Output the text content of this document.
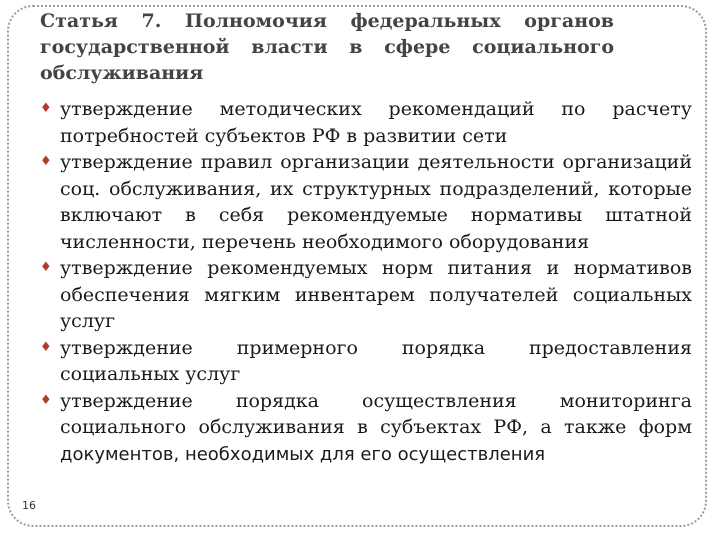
Статья 7. Полномочия федеральных органов государственной власти в сфере социального обслуживания
♦ утверждение методических рекомендаций по расчету потребностей субъектов РФ в развитии сети
♦ утверждение правил организации деятельности организаций соц. обслуживания, их структурных подразделений, которые включают в себя рекомендуемые нормативы штатной численности, перечень необходимого оборудования
♦ утверждение рекомендуемых норм питания и нормативов обеспечения мягким инвентарем получателей социальных услуг
♦ утверждение примерного порядка предоставления социальных услуг
♦ утверждение порядка осуществления мониторинга социального обслуживания в субъектах РФ, а также форм документов, необходимых для его осуществления
16
